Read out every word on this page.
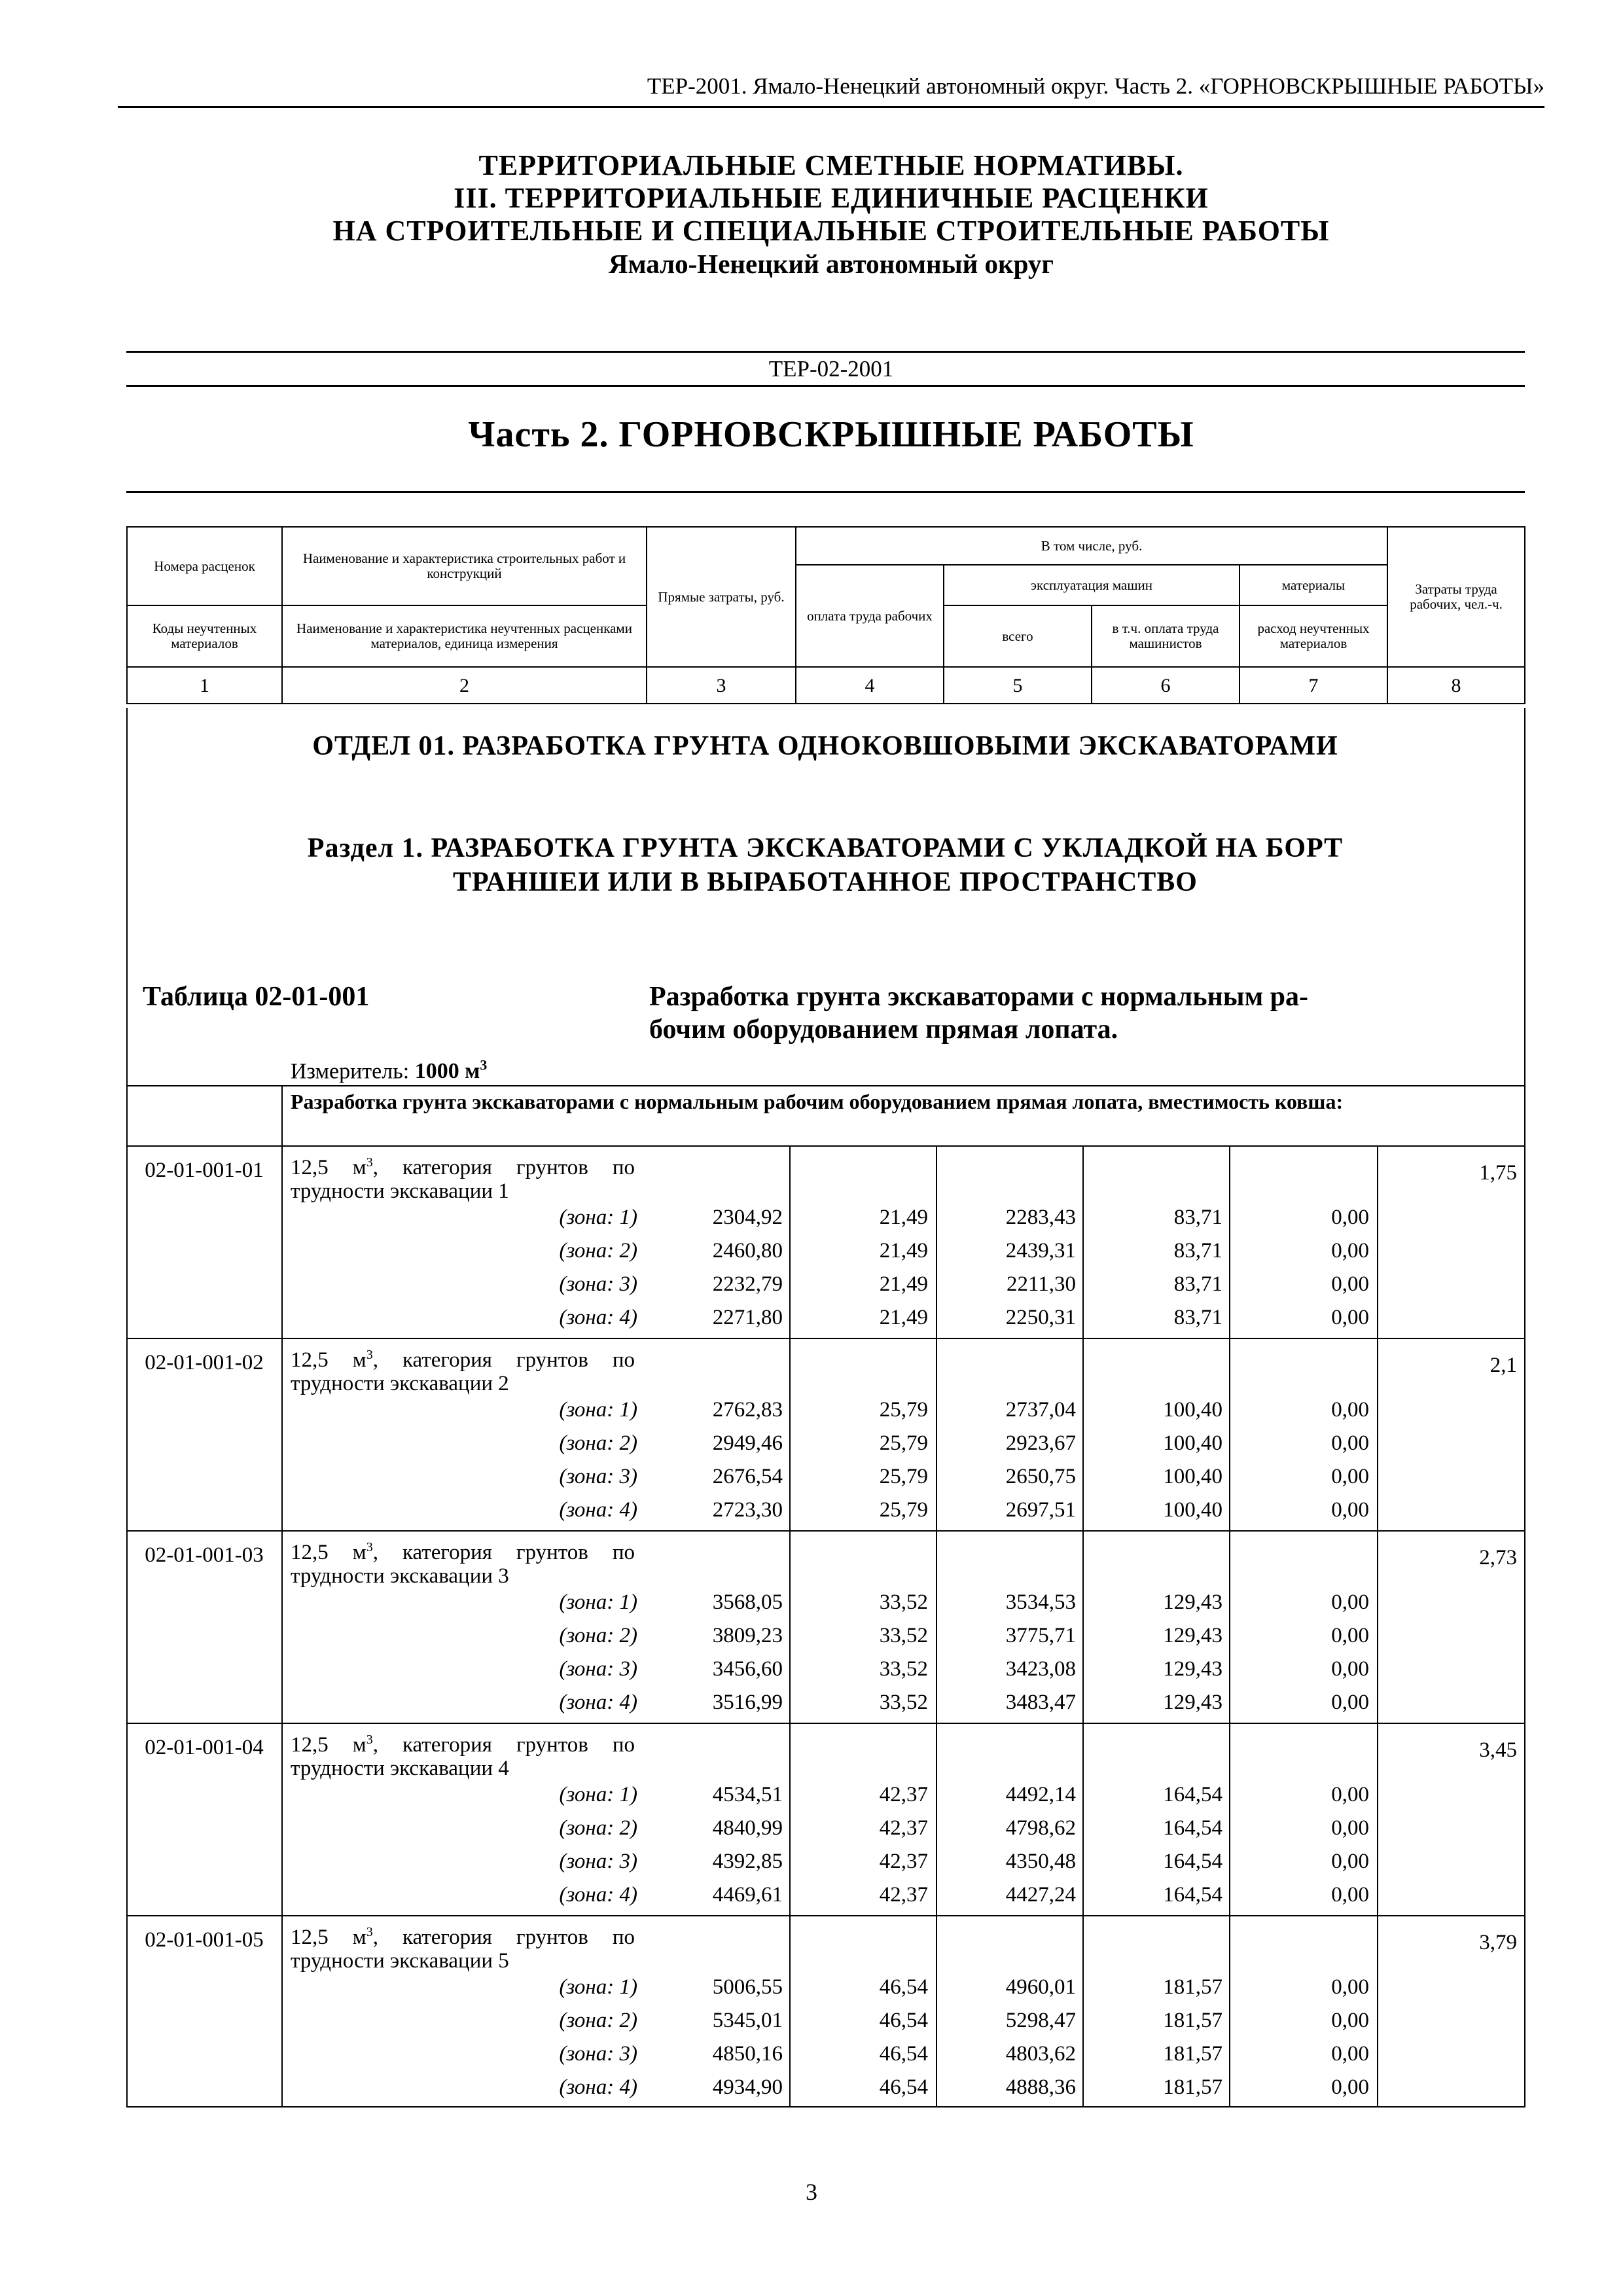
ТЕР-2001. Ямало-Ненецкий автономный округ. Часть 2. «ГОРНОВСКРЫШНЫЕ РАБОТЫ»
ТЕРРИТОРИАЛЬНЫЕ СМЕТНЫЕ НОРМАТИВЫ.
III. ТЕРРИТОРИАЛЬНЫЕ ЕДИНИЧНЫЕ РАСЦЕНКИ
НА СТРОИТЕЛЬНЫЕ И СПЕЦИАЛЬНЫЕ СТРОИТЕЛЬНЫЕ РАБОТЫ
Ямало-Ненецкий автономный округ
ТЕР-02-2001
Часть 2. ГОРНОВСКРЫШНЫЕ РАБОТЫ
Номера расценок	Наименование и характеристика строительных работ и конструкций	Прямые затраты, руб.	В том числе, руб.				Затраты труда рабочих, чел.-ч.
			оплата труда рабочих	эксплуатация машин		материалы	
Коды неучтенных материалов	Наименование и характеристика неучтенных расценками материалов, единица измерения			всего	в т.ч. оплата труда машинистов	расход неучтенных материалов	
1	2	3	4	5	6	7	8
ОТДЕЛ 01. РАЗРАБОТКА ГРУНТА ОДНОКОВШОВЫМИ ЭКСКАВАТОРАМИ
Раздел 1. РАЗРАБОТКА ГРУНТА ЭКСКАВАТОРАМИ С УКЛАДКОЙ НА БОРТ
ТРАНШЕИ ИЛИ В ВЫРАБОТАННОЕ ПРОСТРАНСТВО
Таблица 02-01-001	Разработка грунта экскаваторами с нормальным ра-
бочим оборудованием прямая лопата.
Измеритель: 1000 $м^3$
Разработка грунта экскаваторами с нормальным рабочим оборудованием прямая лопата, вместимость ковша:
02-01-001-01	12,5 $м^3$, категория грунтов по трудности экскавации 1
1,75
(зона: 1)	2304,92	21,49	2283,43	83,71	0,00
(зона: 2)	2460,80	21,49	2439,31	83,71	0,00
(зона: 3)	2232,79	21,49	2211,30	83,71	0,00
(зона: 4)	2271,80	21,49	2250,31	83,71	0,00
02-01-001-02	12,5 $м^3$, категория грунтов по трудности экскавации 2
2,1
(зона: 1)	2762,83	25,79	2737,04	100,40	0,00
(зона: 2)	2949,46	25,79	2923,67	100,40	0,00
(зона: 3)	2676,54	25,79	2650,75	100,40	0,00
(зона: 4)	2723,30	25,79	2697,51	100,40	0,00
02-01-001-03	12,5 $м^3$, категория грунтов по трудности экскавации 3
2,73
(зона: 1)	3568,05	33,52	3534,53	129,43	0,00
(зона: 2)	3809,23	33,52	3775,71	129,43	0,00
(зона: 3)	3456,60	33,52	3423,08	129,43	0,00
(зона: 4)	3516,99	33,52	3483,47	129,43	0,00
02-01-001-04	12,5 $м^3$, категория грунтов по трудности экскавации 4
3,45
(зона: 1)	4534,51	42,37	4492,14	164,54	0,00
(зона: 2)	4840,99	42,37	4798,62	164,54	0,00
(зона: 3)	4392,85	42,37	4350,48	164,54	0,00
(зона: 4)	4469,61	42,37	4427,24	164,54	0,00
02-01-001-05	12,5 $м^3$, категория грунтов по трудности экскавации 5
3,79
(зона: 1)	5006,55	46,54	4960,01	181,57	0,00
(зона: 2)	5345,01	46,54	5298,47	181,57	0,00
(зона: 3)	4850,16	46,54	4803,62	181,57	0,00
(зона: 4)	4934,90	46,54	4888,36	181,57	0,00
3
